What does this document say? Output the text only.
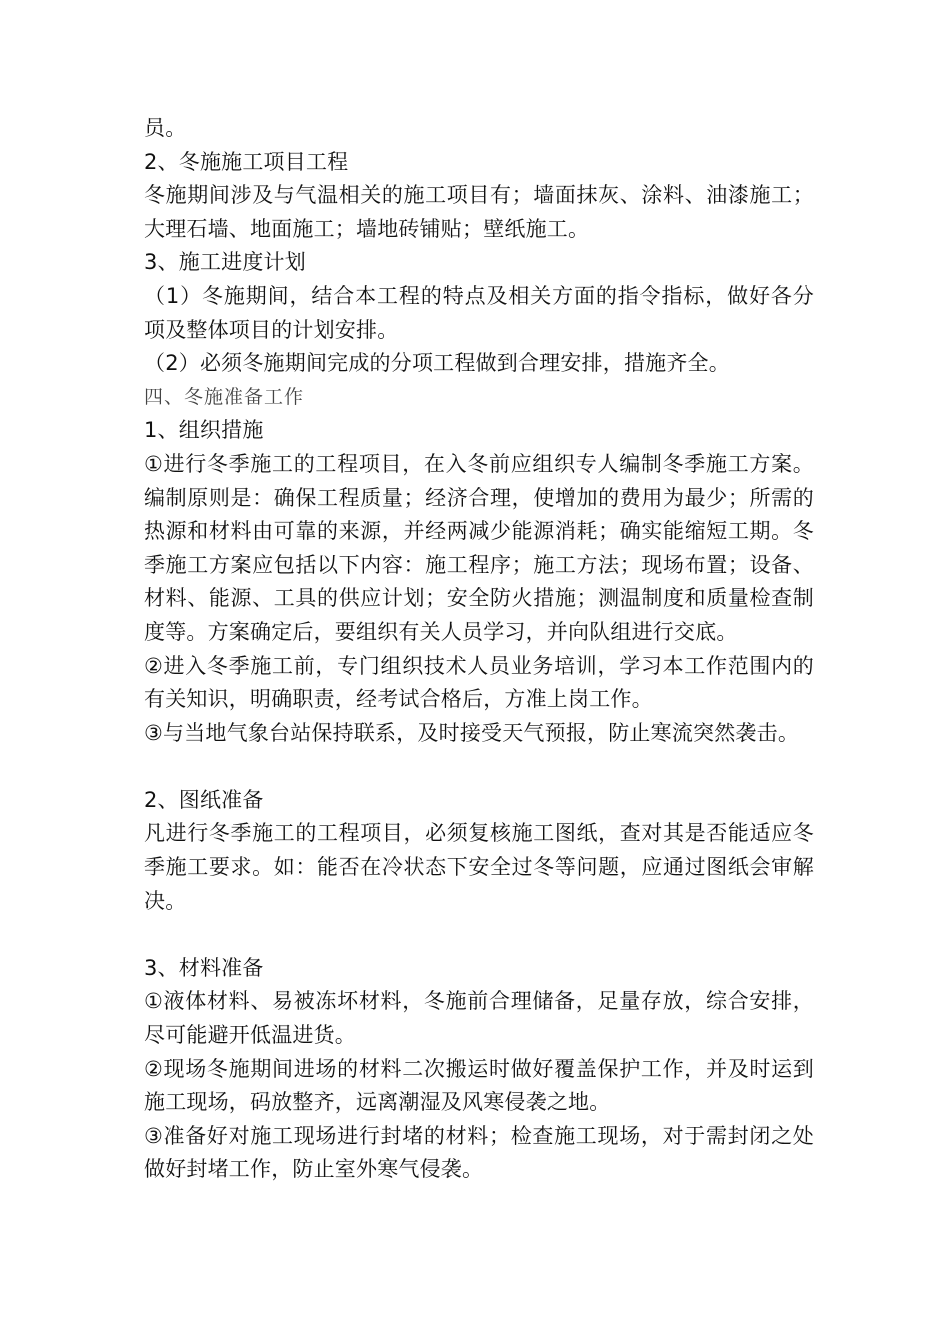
员。

2、冬施施工项目工程

冬施期间涉及与气温相关的施工项目有；墙面抹灰、涂料、油漆施工；大理石墙、地面施工；墙地砖铺贴；壁纸施工。

3、施工进度计划

（1）冬施期间，结合本工程的特点及相关方面的指令指标，做好各分项及整体项目的计划安排。

（2）必须冬施期间完成的分项工程做到合理安排，措施齐全。

四、冬施准备工作

1、组织措施

①进行冬季施工的工程项目，在入冬前应组织专人编制冬季施工方案。编制原则是：确保工程质量；经济合理，使增加的费用为最少；所需的热源和材料由可靠的来源，并经两减少能源消耗；确实能缩短工期。冬季施工方案应包括以下内容：施工程序；施工方法；现场布置；设备、材料、能源、工具的供应计划；安全防火措施；测温制度和质量检查制度等。方案确定后，要组织有关人员学习，并向队组进行交底。

②进入冬季施工前，专门组织技术人员业务培训，学习本工作范围内的有关知识，明确职责，经考试合格后，方准上岗工作。

③与当地气象台站保持联系，及时接受天气预报，防止寒流突然袭击。

2、图纸准备

凡进行冬季施工的工程项目，必须复核施工图纸，查对其是否能适应冬季施工要求。如：能否在冷状态下安全过冬等问题，应通过图纸会审解决。

3、材料准备

①液体材料、易被冻坏材料，冬施前合理储备，足量存放，综合安排，尽可能避开低温进货。

②现场冬施期间进场的材料二次搬运时做好覆盖保护工作，并及时运到施工现场，码放整齐，远离潮湿及风寒侵袭之地。

③准备好对施工现场进行封堵的材料；检查施工现场，对于需封闭之处做好封堵工作，防止室外寒气侵袭。
